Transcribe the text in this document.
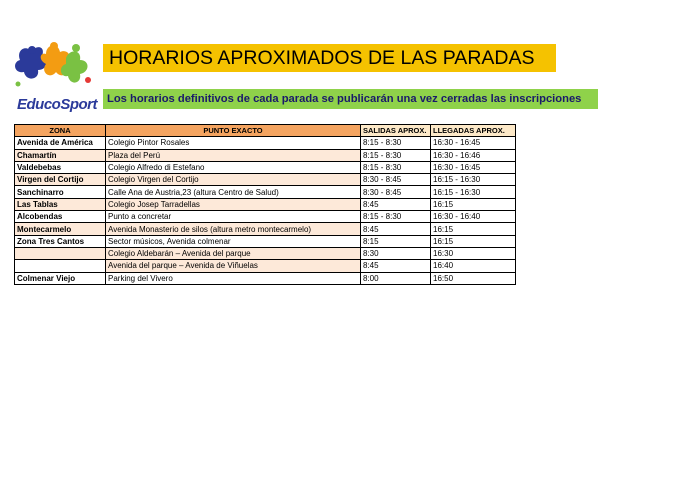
EducoSport
HORARIOS APROXIMADOS DE LAS PARADAS
Los horarios definitivos de cada parada se publicarán una vez cerradas las inscripciones
ZONA	PUNTO EXACTO	SALIDAS APROX.	LLEGADAS APROX.
Avenida de América	Colegio Pintor Rosales	8:15 - 8:30	16:30 - 16:45
Chamartín	Plaza del Perú	8:15 - 8:30	16:30 - 16:46
Valdebebas	Colegio Alfredo di Estefano	8:15 - 8:30	16:30 - 16:45
Virgen del Cortijo	Colegio Virgen del Cortijo	8:30 - 8:45	16:15 - 16:30
Sanchinarro	Calle Ana de Austria,23 (altura Centro de Salud)	8:30 - 8:45	16:15 - 16:30
Las Tablas	Colegio Josep Tarradellas	8:45	16:15
Alcobendas	Punto a concretar	8:15 - 8:30	16:30 - 16:40
Montecarmelo	Avenida Monasterio de silos (altura metro montecarmelo)	8:45	16:15
Zona Tres Cantos	Sector músicos, Avenida colmenar	8:15	16:15
	Colegio Aldebarán – Avenida del parque	8:30	16:30
	Avenida del parque – Avenida de Viñuelas	8:45	16:40
Colmenar Viejo	Parking del Vivero	8:00	16:50
